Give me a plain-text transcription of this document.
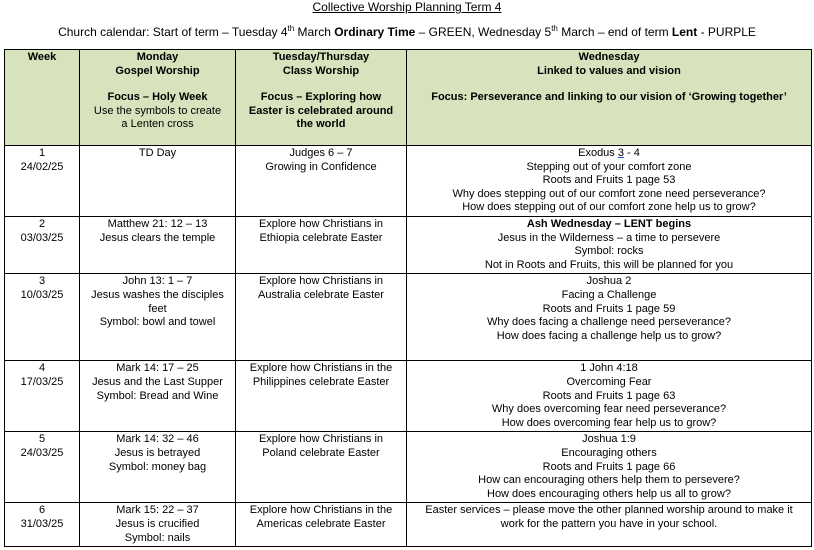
Collective Worship Planning Term 4
Church calendar: Start of term – Tuesday 4th March Ordinary Time – GREEN, Wednesday 5th March – end of term Lent - PURPLE
Week	Monday
Gospel Worship
Focus – Holy Week
Use the symbols to create
a Lenten cross	Tuesday/Thursday
Class Worship
Focus – Exploring how
Easter is celebrated around
the world	Wednesday
Linked to values and vision
Focus: Perseverance and linking to our vision of ‘Growing together’

1
24/02/25	TD Day	Judges 6 – 7
Growing in Confidence	Exodus 3 - 4
Stepping out of your comfort zone
Roots and Fruits 1 page 53
Why does stepping out of our comfort zone need perseverance?
How does stepping out of our comfort zone help us to grow?

2
03/03/25	Matthew 21: 12 – 13
Jesus clears the temple	Explore how Christians in
Ethiopia celebrate Easter	Ash Wednesday – LENT begins
Jesus in the Wilderness – a time to persevere
Symbol: rocks
Not in Roots and Fruits, this will be planned for you

3
10/03/25	John 13: 1 – 7
Jesus washes the disciples
feet
Symbol: bowl and towel	Explore how Christians in
Australia celebrate Easter	Joshua 2
Facing a Challenge
Roots and Fruits 1 page 59
Why does facing a challenge need perseverance?
How does facing a challenge help us to grow?

4
17/03/25	Mark 14: 17 – 25
Jesus and the Last Supper
Symbol: Bread and Wine	Explore how Christians in the
Philippines celebrate Easter	1 John 4:18
Overcoming Fear
Roots and Fruits 1 page 63
Why does overcoming fear need perseverance?
How does overcoming fear help us to grow?

5
24/03/25	Mark 14: 32 – 46
Jesus is betrayed
Symbol: money bag	Explore how Christians in
Poland celebrate Easter	Joshua 1:9
Encouraging others
Roots and Fruits 1 page 66
How can encouraging others help them to persevere?
How does encouraging others help us all to grow?

6
31/03/25	Mark 15: 22 – 37
Jesus is crucified
Symbol: nails	Explore how Christians in the
Americas celebrate Easter	Easter services – please move the other planned worship around to make it
work for the pattern you have in your school.
